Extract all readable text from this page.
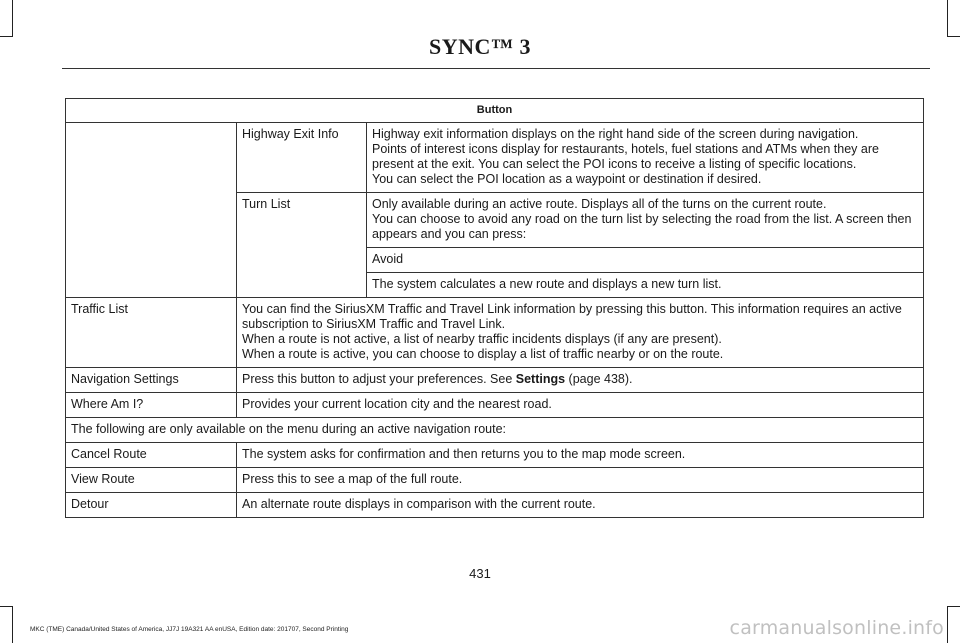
SYNC™ 3
Button		
	Highway Exit Info	Highway exit information displays on the right hand side of the screen during navigation.
Points of interest icons display for restaurants, hotels, fuel stations and ATMs when they are present at the exit. You can select the POI icons to receive a listing of specific locations.
You can select the POI location as a waypoint or destination if desired.

	Turn List	Only available during an active route. Displays all of the turns on the current route.
You can choose to avoid any road on the turn list by selecting the road from the list. A screen then appears and you can press:

		Avoid
		The system calculates a new route and displays a new turn list.
Traffic List	You can find the SiriusXM Traffic and Travel Link information by pressing this button. This information requires an active subscription to SiriusXM Traffic and Travel Link.
When a route is not active, a list of nearby traffic incidents displays (if any are present).
When a route is active, you can choose to display a list of traffic nearby or on the route.	

Navigation Settings	Press this button to adjust your preferences. See Settings (page 438).	
Where Am I?	Provides your current location city and the nearest road.	
The following are only available on the menu during an active navigation route:		
Cancel Route	The system asks for confirmation and then returns you to the map mode screen.	
View Route	Press this to see a map of the full route.	
Detour	An alternate route displays in comparison with the current route.	
431
MKC (TME) Canada/United States of America, JJ7J 19A321 AA enUSA, Edition date: 201707, Second Printing	carmanualsonline.info
